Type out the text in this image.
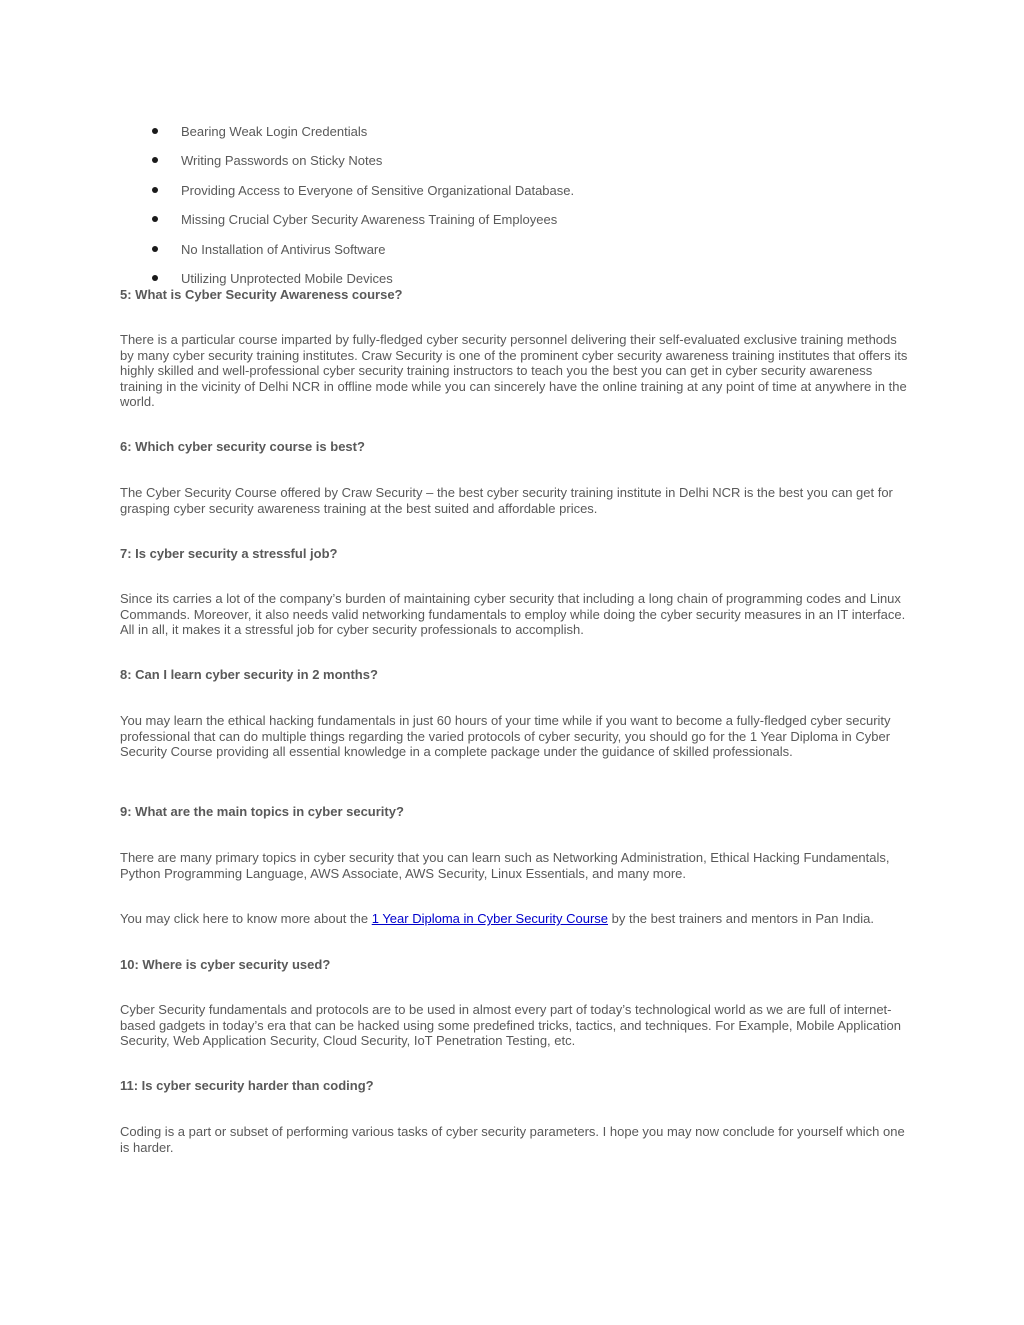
Bearing Weak Login Credentials
Writing Passwords on Sticky Notes
Providing Access to Everyone of Sensitive Organizational Database.
Missing Crucial Cyber Security Awareness Training of Employees
No Installation of Antivirus Software
Utilizing Unprotected Mobile Devices

5: What is Cyber Security Awareness course?

There is a particular course imparted by fully-fledged cyber security personnel delivering their self-evaluated exclusive training methods by many cyber security training institutes. Craw Security is one of the prominent cyber security awareness training institutes that offers its highly skilled and well-professional cyber security training instructors to teach you the best you can get in cyber security awareness training in the vicinity of Delhi NCR in offline mode while you can sincerely have the online training at any point of time at anywhere in the world.

6: Which cyber security course is best?

The Cyber Security Course offered by Craw Security – the best cyber security training institute in Delhi NCR is the best you can get for grasping cyber security awareness training at the best suited and affordable prices.

7: Is cyber security a stressful job?

Since its carries a lot of the company’s burden of maintaining cyber security that including a long chain of programming codes and Linux Commands. Moreover, it also needs valid networking fundamentals to employ while doing the cyber security measures in an IT interface. All in all, it makes it a stressful job for cyber security professionals to accomplish.

8: Can I learn cyber security in 2 months?

You may learn the ethical hacking fundamentals in just 60 hours of your time while if you want to become a fully-fledged cyber security professional that can do multiple things regarding the varied protocols of cyber security, you should go for the 1 Year Diploma in Cyber Security Course providing all essential knowledge in a complete package under the guidance of skilled professionals.

9: What are the main topics in cyber security?

There are many primary topics in cyber security that you can learn such as Networking Administration, Ethical Hacking Fundamentals, Python Programming Language, AWS Associate, AWS Security, Linux Essentials, and many more.

You may click here to know more about the 1 Year Diploma in Cyber Security Course by the best trainers and mentors in Pan India.

10: Where is cyber security used?

Cyber Security fundamentals and protocols are to be used in almost every part of today’s technological world as we are full of internet-based gadgets in today’s era that can be hacked using some predefined tricks, tactics, and techniques. For Example, Mobile Application Security, Web Application Security, Cloud Security, IoT Penetration Testing, etc.

11: Is cyber security harder than coding?

Coding is a part or subset of performing various tasks of cyber security parameters. I hope you may now conclude for yourself which one is harder.
